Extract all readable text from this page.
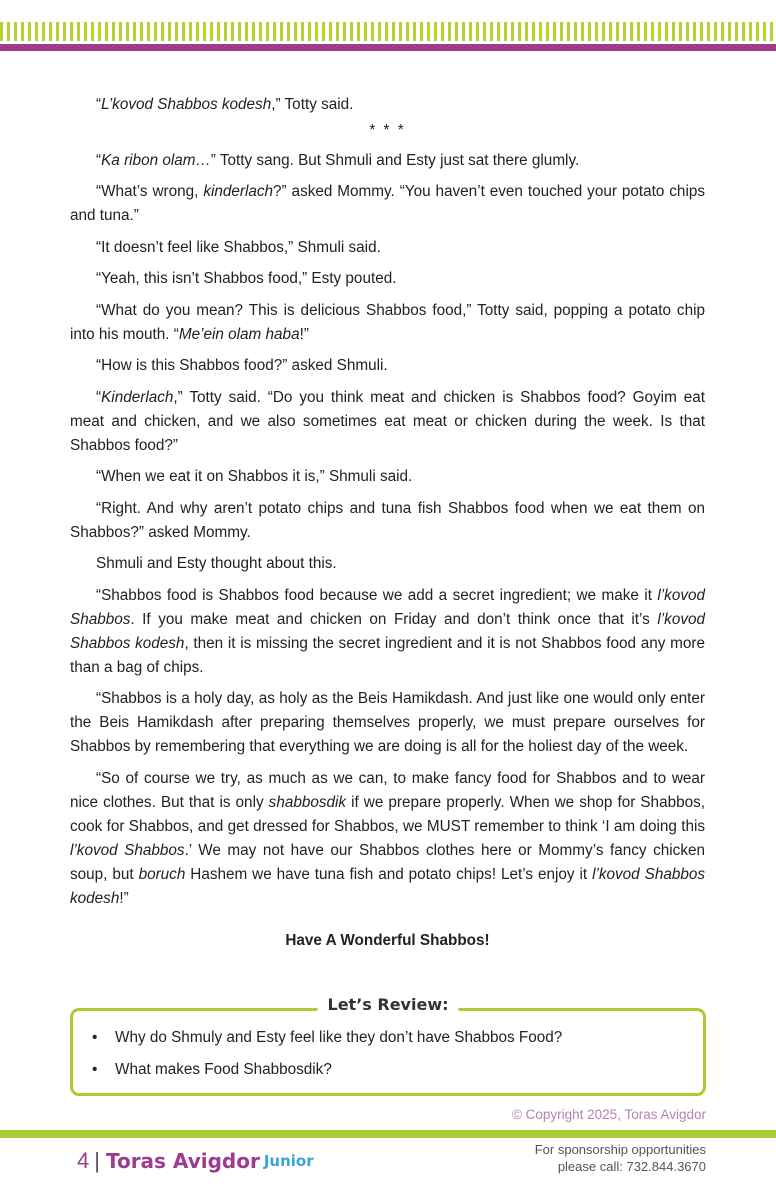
“L’kovod Shabbos kodesh,” Totty said.

* * *

“Ka ribon olam…” Totty sang. But Shmuli and Esty just sat there glumly.

“What’s wrong, kinderlach?” asked Mommy. “You haven’t even touched your potato chips and tuna.”

“It doesn’t feel like Shabbos,” Shmuli said.

“Yeah, this isn’t Shabbos food,” Esty pouted.

“What do you mean? This is delicious Shabbos food,” Totty said, popping a potato chip into his mouth. “Me’ein olam haba!”

“How is this Shabbos food?” asked Shmuli.

“Kinderlach,” Totty said. “Do you think meat and chicken is Shabbos food? Goyim eat meat and chicken, and we also sometimes eat meat or chicken during the week. Is that Shabbos food?”

“When we eat it on Shabbos it is,” Shmuli said.

“Right. And why aren’t potato chips and tuna fish Shabbos food when we eat them on Shabbos?” asked Mommy.

Shmuli and Esty thought about this.

“Shabbos food is Shabbos food because we add a secret ingredient; we make it l’kovod Shabbos. If you make meat and chicken on Friday and don’t think once that it’s l’kovod Shabbos kodesh, then it is missing the secret ingredient and it is not Shabbos food any more than a bag of chips.

“Shabbos is a holy day, as holy as the Beis Hamikdash. And just like one would only enter the Beis Hamikdash after preparing themselves properly, we must prepare ourselves for Shabbos by remembering that everything we are doing is all for the holiest day of the week.

“So of course we try, as much as we can, to make fancy food for Shabbos and to wear nice clothes. But that is only shabbosdik if we prepare properly. When we shop for Shabbos, cook for Shabbos, and get dressed for Shabbos, we MUST remember to think ‘I am doing this l’kovod Shabbos.’ We may not have our Shabbos clothes here or Mommy’s fancy chicken soup, but boruch Hashem we have tuna fish and potato chips! Let’s enjoy it l’kovod Shabbos kodesh!”

Have A Wonderful Shabbos!

Let’s Review:
• Why do Shmuly and Esty feel like they don’t have Shabbos Food?
• What makes Food Shabbosdik?
© Copyright 2025, Toras Avigdor
4 | Toras Avigdor Junior
For sponsorship opportunities
please call: 732.844.3670
